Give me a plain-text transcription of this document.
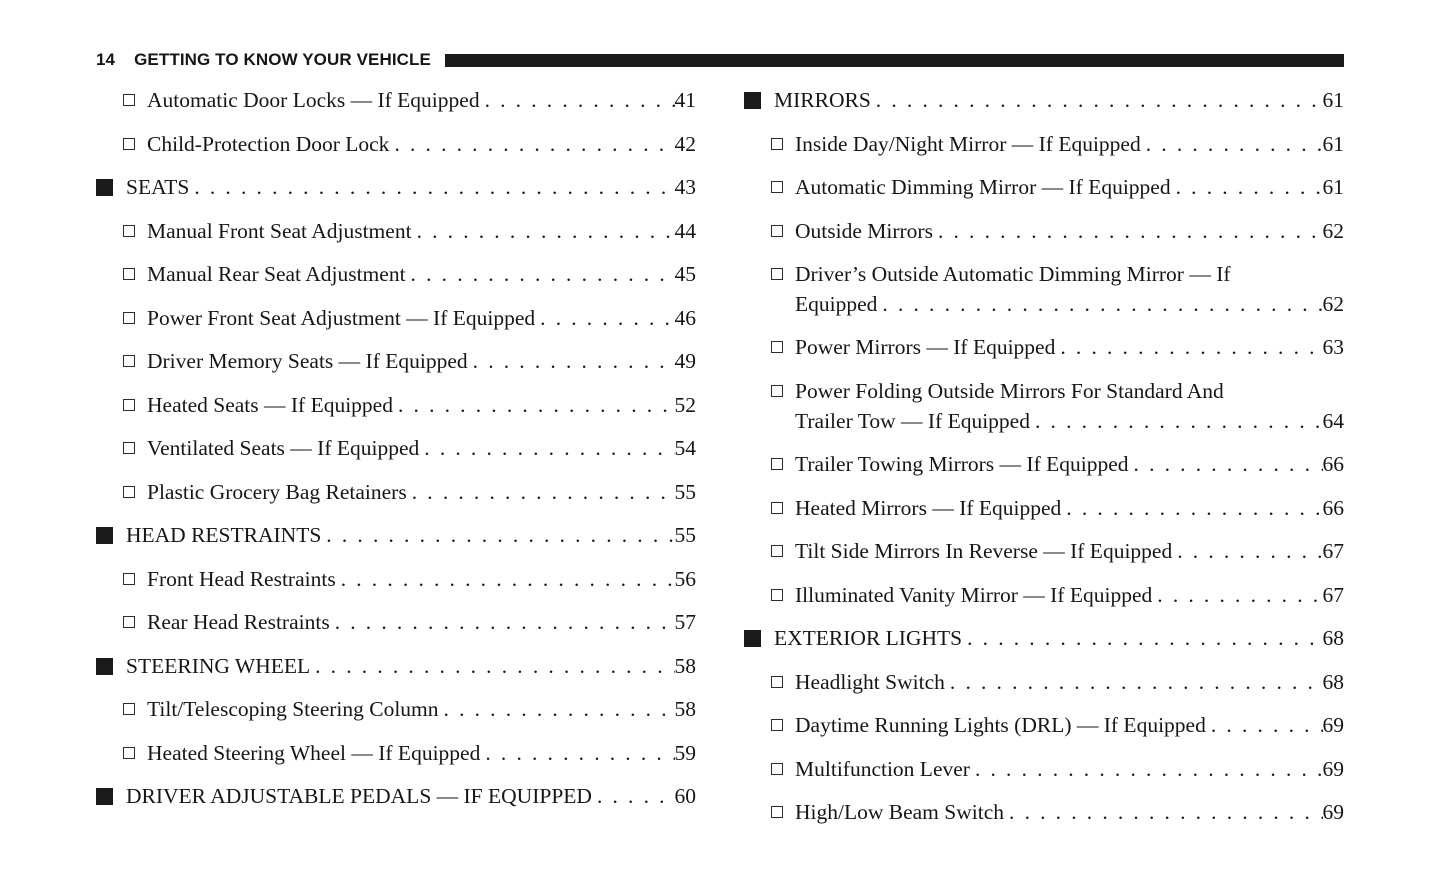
14 GETTING TO KNOW YOUR VEHICLE
Automatic Door Locks — If Equipped . . .	41
Child-Protection Door Lock . . .	42
SEATS . . .	43
Manual Front Seat Adjustment . . .	44
Manual Rear Seat Adjustment . . .	45
Power Front Seat Adjustment — If Equipped . . .	46
Driver Memory Seats — If Equipped . . .	49
Heated Seats — If Equipped . . .	52
Ventilated Seats — If Equipped . . .	54
Plastic Grocery Bag Retainers . . .	55
HEAD RESTRAINTS . . .	55
Front Head Restraints . . .	56
Rear Head Restraints . . .	57
STEERING WHEEL . . .	58
Tilt/Telescoping Steering Column . . .	58
Heated Steering Wheel — If Equipped . . .	59
DRIVER ADJUSTABLE PEDALS — IF EQUIPPED . . .	60
MIRRORS . . .	61
Inside Day/Night Mirror — If Equipped . . .	61
Automatic Dimming Mirror — If Equipped . . .	61
Outside Mirrors . . .	62
Driver’s Outside Automatic Dimming Mirror — If
Equipped . . .	62
Power Mirrors — If Equipped . . .	63
Power Folding Outside Mirrors For Standard And
Trailer Tow — If Equipped . . .	64
Trailer Towing Mirrors — If Equipped . . .	66
Heated Mirrors — If Equipped . . .	66
Tilt Side Mirrors In Reverse — If Equipped . . .	67
Illuminated Vanity Mirror — If Equipped . . .	67
EXTERIOR LIGHTS . . .	68
Headlight Switch . . .	68
Daytime Running Lights (DRL) — If Equipped . . .	69
Multifunction Lever . . .	69
High/Low Beam Switch . . .	69
